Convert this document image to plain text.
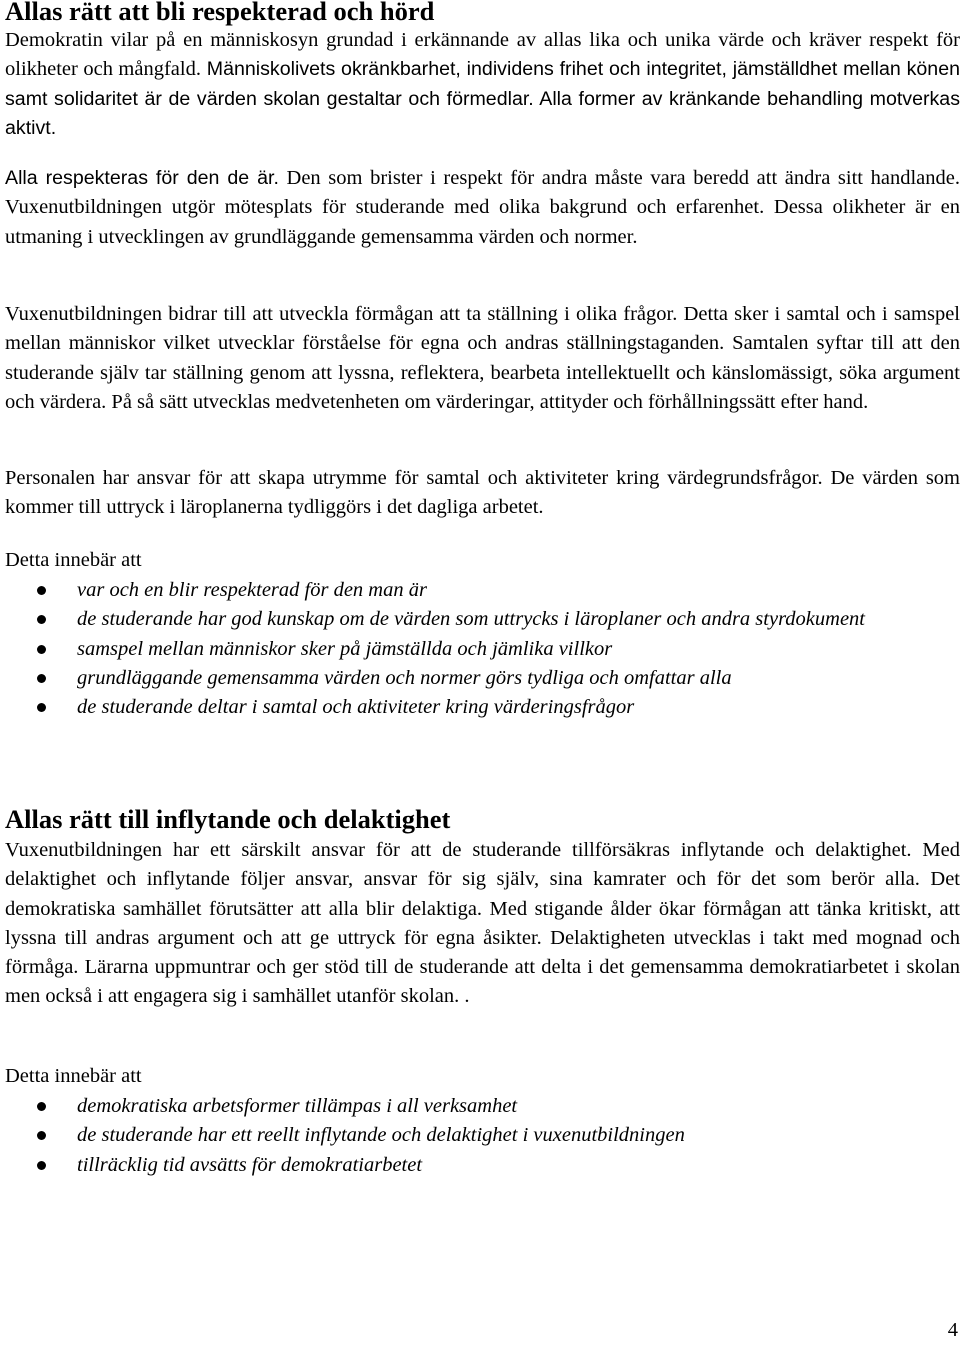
Allas rätt att bli respekterad och hörd

Demokratin vilar på en människosyn grundad i erkännande av allas lika och unika värde och kräver respekt för olikheter och mångfald. Människolivets okränkbarhet, individens frihet och integritet, jämställdhet mellan könen samt solidaritet är de värden skolan gestaltar och förmedlar. Alla former av kränkande behandling motverkas aktivt.

Alla respekteras för den de är. Den som brister i respekt för andra måste vara beredd att ändra sitt handlande. Vuxenutbildningen utgör mötesplats för studerande med olika bakgrund och erfarenhet. Dessa olikheter är en utmaning i utvecklingen av grundläggande gemensamma värden och normer.

Vuxenutbildningen bidrar till att utveckla förmågan att ta ställning i olika frågor. Detta sker i samtal och i samspel mellan människor vilket utvecklar förståelse för egna och andras ställningstaganden. Samtalen syftar till att den studerande själv tar ställning genom att lyssna, reflektera, bearbeta intellektuellt och känslomässigt, söka argument och värdera. På så sätt utvecklas medvetenheten om värderingar, attityder och förhållningssätt efter hand.

Personalen har ansvar för att skapa utrymme för samtal och aktiviteter kring värdegrundsfrågor. De värden som kommer till uttryck i läroplanerna tydliggörs i det dagliga arbetet.

Detta innebär att

var och en blir respekterad för den man är
de studerande har god kunskap om de värden som uttrycks i läroplaner och andra styrdokument
samspel mellan människor sker på jämställda och jämlika villkor
grundläggande gemensamma värden och normer görs tydliga och omfattar alla
de studerande deltar i samtal och aktiviteter kring värderingsfrågor
Allas rätt till inflytande och delaktighet

Vuxenutbildningen har ett särskilt ansvar för att de studerande tillförsäkras inflytande och delaktighet. Med delaktighet och inflytande följer ansvar, ansvar för sig själv, sina kamrater och för det som berör alla. Det demokratiska samhället förutsätter att alla blir delaktiga. Med stigande ålder ökar förmågan att tänka kritiskt, att lyssna till andras argument och att ge uttryck för egna åsikter. Delaktigheten utvecklas i takt med mognad och förmåga. Lärarna uppmuntrar och ger stöd till de studerande att delta i det gemensamma demokratiarbetet i skolan men också i att engagera sig i samhället utanför skolan. .

Detta innebär att

demokratiska arbetsformer tillämpas i all verksamhet
de studerande har ett reellt inflytande och delaktighet i vuxenutbildningen
tillräcklig tid avsätts för demokratiarbetet
4
